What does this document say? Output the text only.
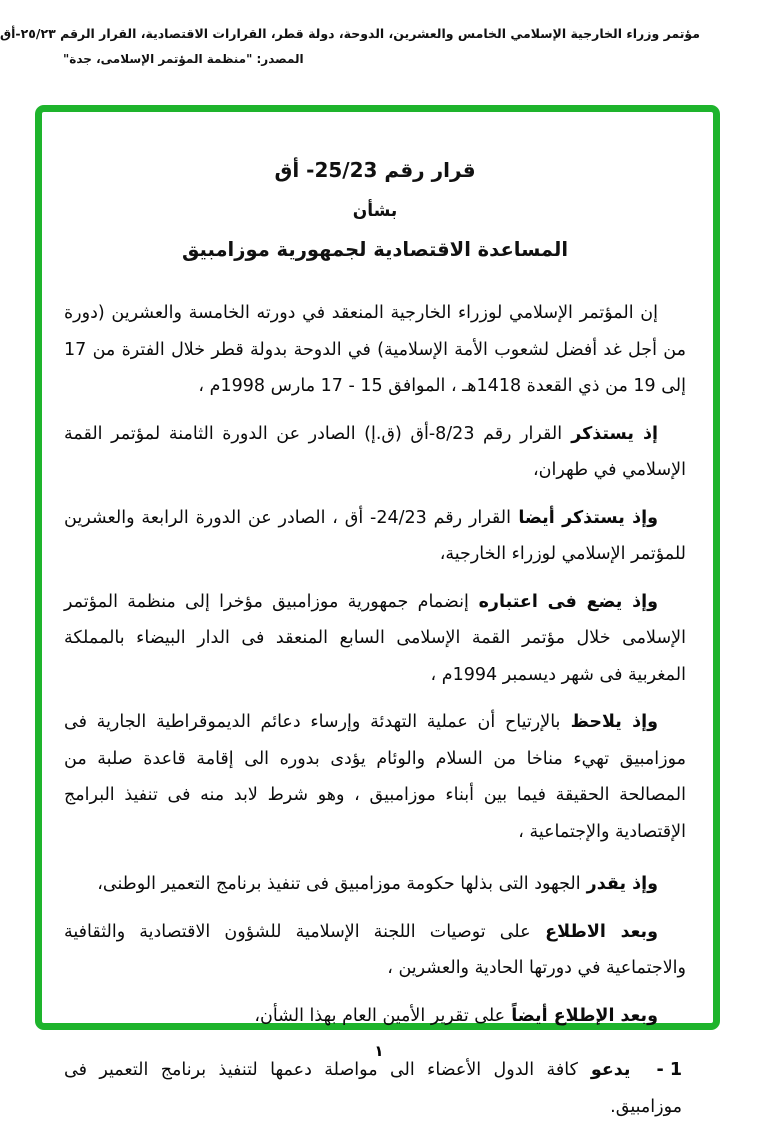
مؤتمر وزراء الخارجية الإسلامي الخامس والعشرين، الدوحة، دولة قطر، القرارات الاقتصادية، القرار الرقم ٢٥/٢٣-أق
المصدر: "منظمة المؤتمر الإسلامى، جدة"
قرار رقم 25/23- أق
بشأن
المساعدة الاقتصادية لجمهورية موزامبيق

إن المؤتمر الإسلامي لوزراء الخارجية المنعقد في دورته الخامسة والعشرين (دورة من أجل غد أفضل لشعوب الأمة الإسلامية) في الدوحة بدولة قطر خلال الفترة من 17 إلى 19 من ذي القعدة 1418هـ ، الموافق 15 - 17 مارس 1998م ،

إذ يستذكر القرار رقم 8/23-أق (ق.إ) الصادر عن الدورة الثامنة لمؤتمر القمة الإسلامي في طهران،

وإذ يستذكر أيضا القرار رقم 24/23- أق ، الصادر عن الدورة الرابعة والعشرين للمؤتمر الإسلامي لوزراء الخارجية،

وإذ يضع فى اعتباره إنضمام جمهورية موزامبيق مؤخرا إلى منظمة المؤتمر الإسلامى خلال مؤتمر القمة الإسلامى السابع المنعقد فى الدار البيضاء بالمملكة المغربية فى شهر ديسمبر 1994م ،

وإذ يلاحظ بالإرتياح أن عملية التهدئة وإرساء دعائم الديموقراطية الجارية فى موزامبيق تهيء مناخا من السلام والوئام يؤدى بدوره الى إقامة قاعدة صلبة من المصالحة الحقيقة فيما بين أبناء موزامبيق ، وهو شرط لابد منه فى تنفيذ البرامج الإقتصادية والإجتماعية ،

وإذ يقدر الجهود التى بذلها حكومة موزامبيق فى تنفيذ برنامج التعمير الوطنى،

وبعد الاطلاع على توصيات اللجنة الإسلامية للشؤون الاقتصادية والثقافية والاجتماعية في دورتها الحادية والعشرين ،

وبعد الإطلاع أيضاً على تقرير الأمين العام بهذا الشأن،

1 -يدعو كافة الدول الأعضاء الى مواصلة دعمها لتنفيذ برنامج التعمير فى موزامبيق.
١
